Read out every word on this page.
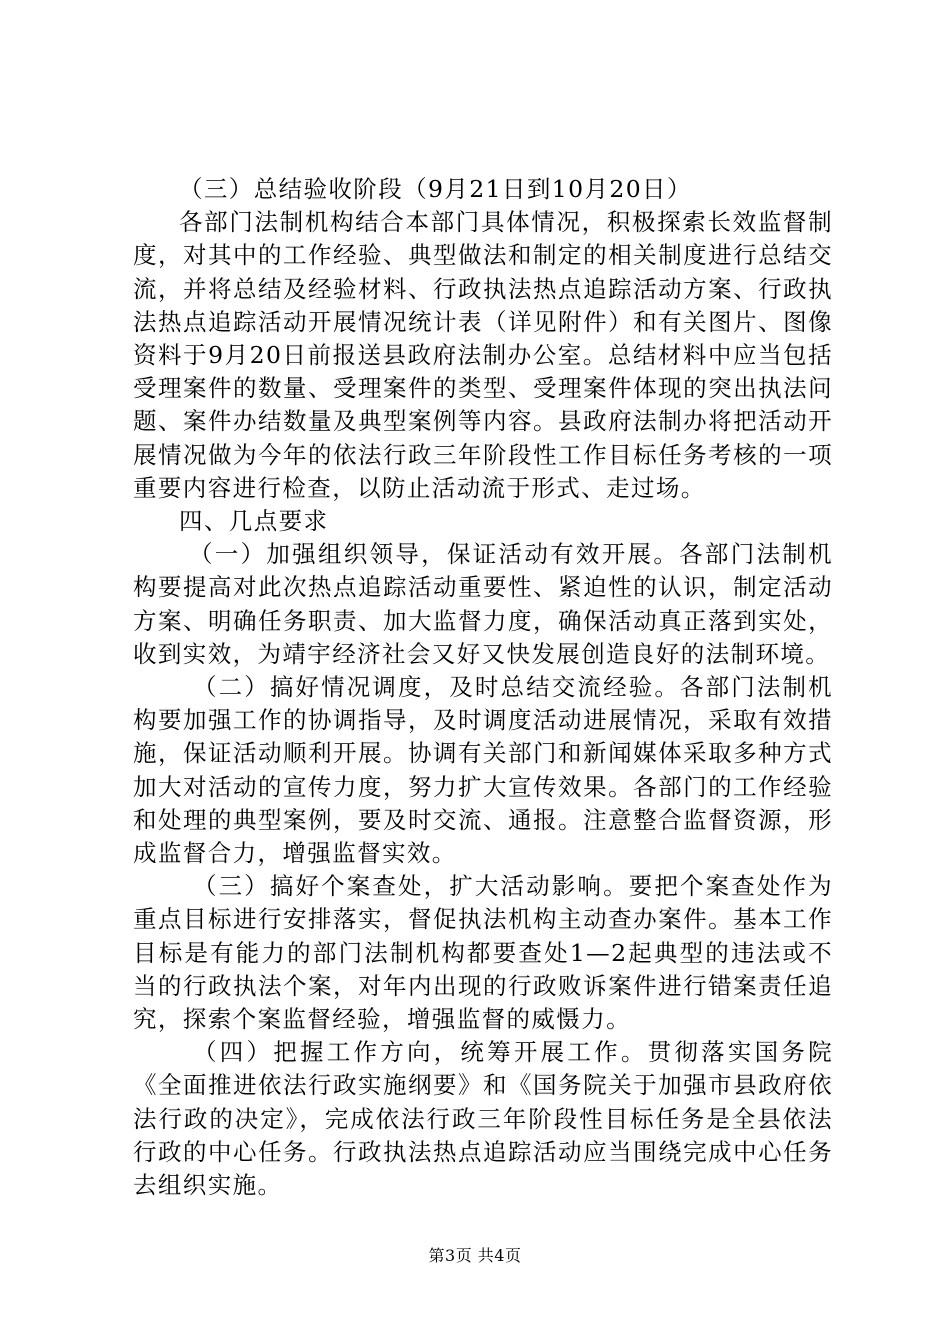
（三）总结验收阶段（9月21日到10月20日）

各部门法制机构结合本部门具体情况，积极探索长效监督制度，对其中的工作经验、典型做法和制定的相关制度进行总结交流，并将总结及经验材料、行政执法热点追踪活动方案、行政执法热点追踪活动开展情况统计表（详见附件）和有关图片、图像资料于9月20日前报送县政府法制办公室。总结材料中应当包括受理案件的数量、受理案件的类型、受理案件体现的突出执法问题、案件办结数量及典型案例等内容。县政府法制办将把活动开展情况做为今年的依法行政三年阶段性工作目标任务考核的一项重要内容进行检查，以防止活动流于形式、走过场。

四、几点要求

（一）加强组织领导，保证活动有效开展。各部门法制机构要提高对此次热点追踪活动重要性、紧迫性的认识，制定活动方案、明确任务职责、加大监督力度，确保活动真正落到实处，收到实效，为靖宇经济社会又好又快发展创造良好的法制环境。

（二）搞好情况调度，及时总结交流经验。各部门法制机构要加强工作的协调指导，及时调度活动进展情况，采取有效措施，保证活动顺利开展。协调有关部门和新闻媒体采取多种方式加大对活动的宣传力度，努力扩大宣传效果。各部门的工作经验和处理的典型案例，要及时交流、通报。注意整合监督资源，形成监督合力，增强监督实效。

（三）搞好个案查处，扩大活动影响。要把个案查处作为重点目标进行安排落实，督促执法机构主动查办案件。基本工作目标是有能力的部门法制机构都要查处1—2起典型的违法或不当的行政执法个案，对年内出现的行政败诉案件进行错案责任追究，探索个案监督经验，增强监督的威慑力。

（四）把握工作方向，统筹开展工作。贯彻落实国务院《全面推进依法行政实施纲要》和《国务院关于加强市县政府依法行政的决定》，完成依法行政三年阶段性目标任务是全县依法行政的中心任务。行政执法热点追踪活动应当围绕完成中心任务去组织实施。

第3页 共4页
